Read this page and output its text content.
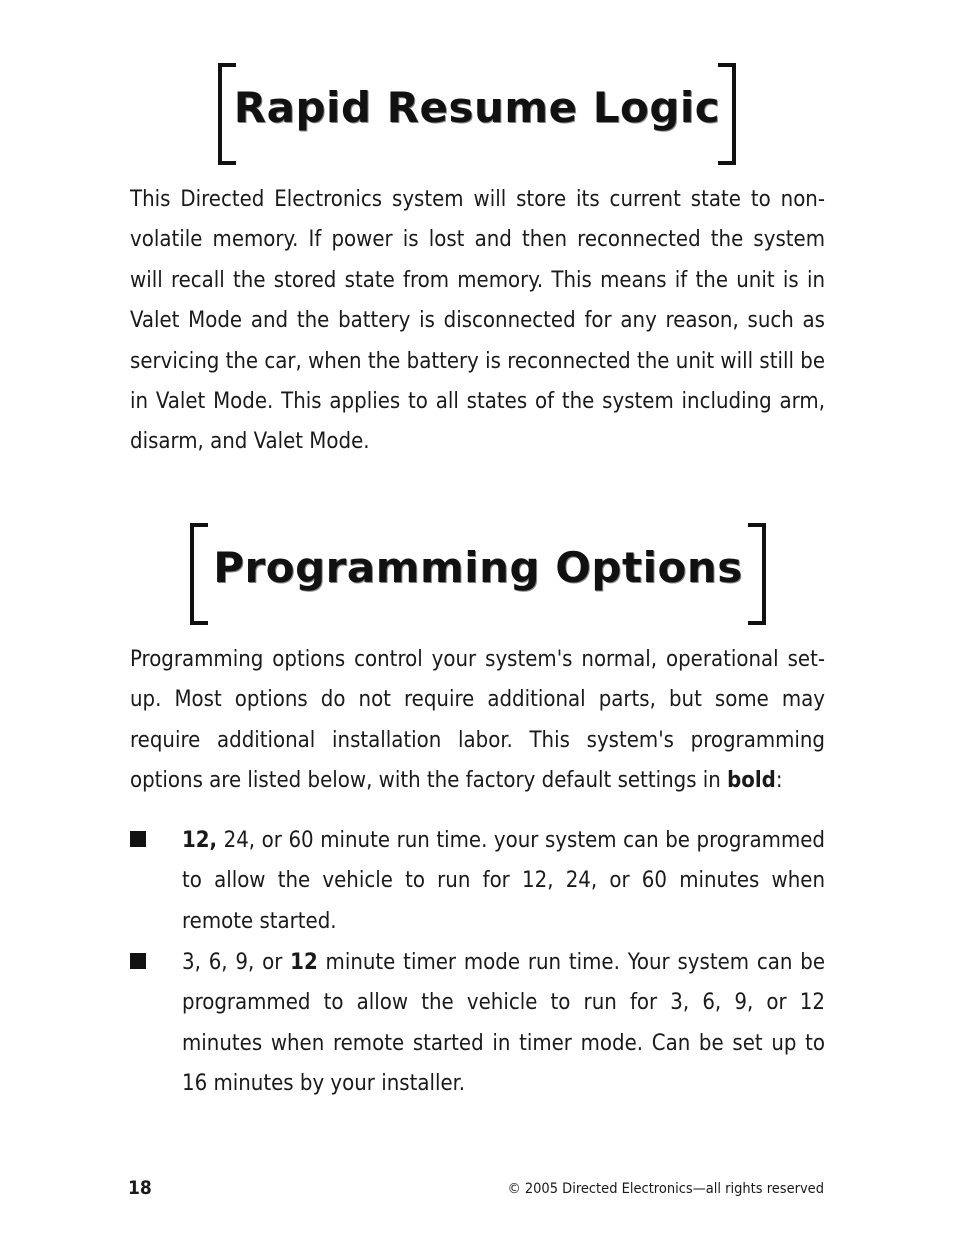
Rapid Resume Logic

This Directed Electronics system will store its current state to non-volatile memory. If power is lost and then reconnected the system will recall the stored state from memory. This means if the unit is in Valet Mode and the battery is disconnected for any reason, such as servicing the car, when the battery is reconnected the unit will still be in Valet Mode. This applies to all states of the system including arm, disarm, and Valet Mode.

Programming Options

Programming options control your system's normal, operational set-up. Most options do not require additional parts, but some may require additional installation labor. This system's programming options are listed below, with the factory default settings in bold:

12, 24, or 60 minute run time. your system can be programmed to allow the vehicle to run for 12, 24, or 60 minutes when remote started.

3, 6, 9, or 12 minute timer mode run time. Your system can be programmed to allow the vehicle to run for 3, 6, 9, or 12 minutes when remote started in timer mode. Can be set up to 16 minutes by your installer.

18	© 2005 Directed Electronics—all rights reserved
